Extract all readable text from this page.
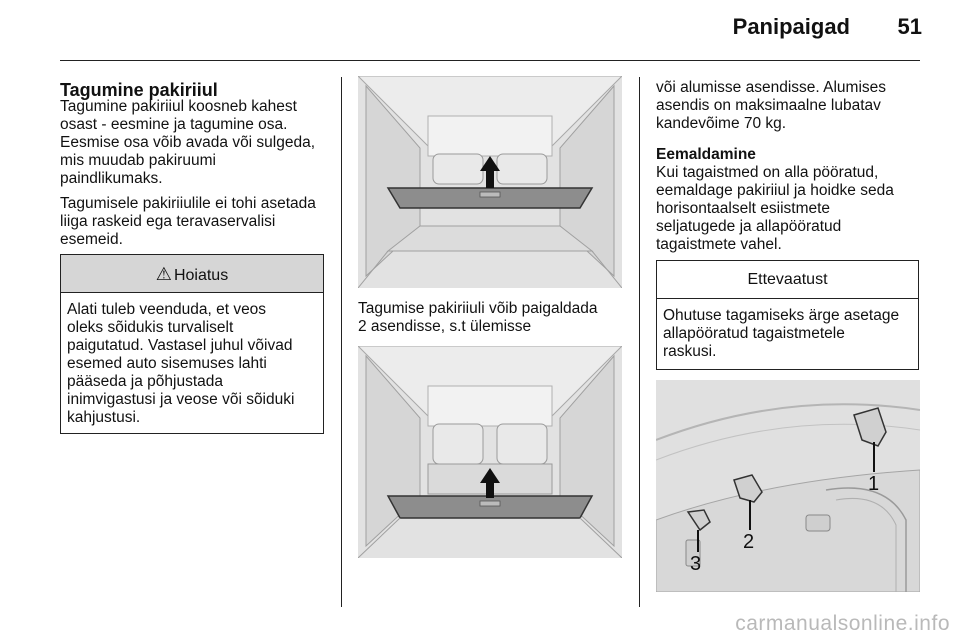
Panipaigad	51
Tagumine pakiriiul
Tagumine pakiriiul koosneb kahest
osast - eesmine ja tagumine osa.
Eesmise osa võib avada või sulgeda,
mis muudab pakiruumi
paindlikumaks.
Tagumisele pakiriiulile ei tohi asetada
liiga raskeid ega teravaservalisi
esemeid.
⚠ Hoiatus
Alati tuleb veenduda, et veos
oleks sõidukis turvaliselt
paigutatud. Vastasel juhul võivad
esemed auto sisemuses lahti
pääseda ja põhjustada
inimvigastusi ja veose või sõiduki
kahjustusi.
Tagumise pakiriiuli võib paigaldada
2 asendisse, s.t ülemisse
või alumisse asendisse. Alumises
asendis on maksimaalne lubatav
kandevõime 70 kg.
Eemaldamine
Kui tagaistmed on alla pööratud,
eemaldage pakiriiul ja hoidke seda
horisontaalselt esiistmete
seljatugede ja allapööratud
tagaistmete vahel.
Ettevaatust
Ohutuse tagamiseks ärge asetage
allapööratud tagaistmetele
raskusi.
1
2
3
carmanualsonline.info
